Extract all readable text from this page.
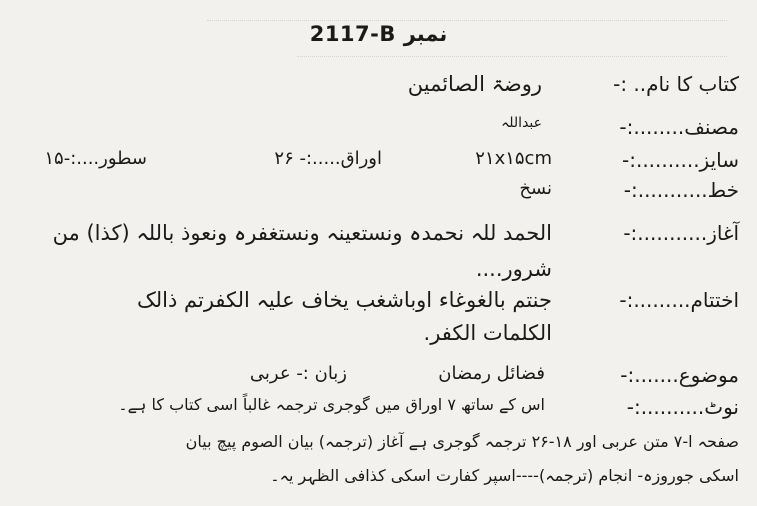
2117-B نمبر
کتاب کا نام.. :-
روضۃ الصائمین
مصنف........:-
عبداللہ
سایز..........:-
۲۱x۱۵cm
اوراق.....:- ۲۶
سطور....:-۱۵
خط...........:-
نسخ
آغاز...........:-
الحمد للہ نحمدہ ونستعینہ ونستغفرہ ونعوذ باللہ (کذا) من
شرور....
اختتام.........:-
جنتم بالغوغاء اوباشغب یخاف علیہ الکفرتم ذالک
الکلمات الکفر.
موضوع.......:-
فضائل رمضان
زبان :- عربی
نوٹ..........:-
اس کے ساتھ ۷ اوراق میں گوجری ترجمہ غالباً اسی کتاب کا ہے۔
صفحہ ا-۷ متن عربی اور ۱۸-۲۶ ترجمہ گوجری ہے آغاز (ترجمہ) بیان الصوم پیچ بیان
اسکی جوروزہ- انجام (ترجمہ)----اسپر کفارت اسکی کذافی الظہر یہ۔
